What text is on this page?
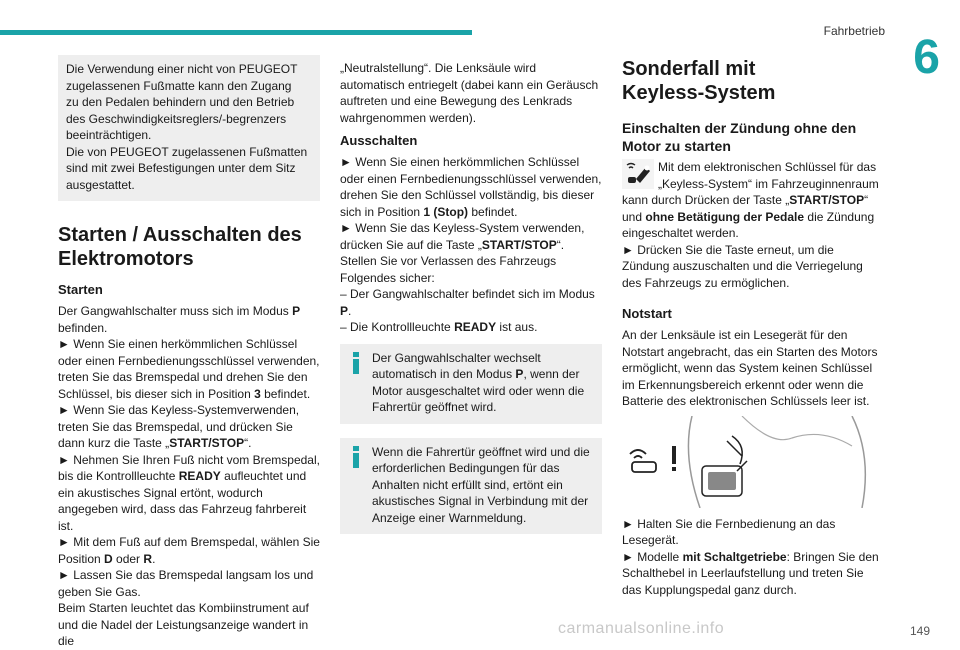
Fahrbetrieb 6

Die Verwendung einer nicht von PEUGEOT

zugelassenen Fußmatte kann den Zugang

zu den Pedalen behindern und den Betrieb

des Geschwindigkeitsreglers/-begrenzers

beeinträchtigen.

Die von PEUGEOT zugelassenen Fußmatten

sind mit zwei Befestigungen unter dem Sitz

ausgestattet.

Starten / Ausschalten des
Elektromotors
Starten

Der Gangwahlschalter muss sich im Modus P befinden.

► Wenn Sie einen herkömmlichen Schlüssel oder einen Fernbedienungsschlüssel verwenden, treten Sie das Bremspedal und drehen Sie den Schlüssel, bis dieser sich in Position 3 befindet.

► Wenn Sie das Keyless-Systemverwenden, treten Sie das Bremspedal, und drücken Sie dann kurz die Taste „START/STOP“.

► Nehmen Sie Ihren Fuß nicht vom Bremspedal, bis die Kontrollleuchte READY aufleuchtet und ein akustisches Signal ertönt, wodurch angegeben wird, dass das Fahrzeug fahrbereit ist.

► Mit dem Fuß auf dem Bremspedal, wählen Sie Position D oder R.

► Lassen Sie das Bremspedal langsam los und geben Sie Gas.

Beim Starten leuchtet das Kombiinstrument auf und die Nadel der Leistungsanzeige wandert in die

„Neutralstellung“. Die Lenksäule wird automatisch entriegelt (dabei kann ein Geräusch auftreten und eine Bewegung des Lenkrads wahrgenommen werden).

Ausschalten

► Wenn Sie einen herkömmlichen Schlüssel oder einen Fernbedienungsschlüssel verwenden, drehen Sie den Schlüssel vollständig, bis dieser sich in Position 1 (Stop) befindet.

► Wenn Sie das Keyless-System verwenden, drücken Sie auf die Taste „START/STOP“.

Stellen Sie vor Verlassen des Fahrzeugs Folgendes sicher:

– Der Gangwahlschalter befindet sich im Modus P.

– Die Kontrollleuchte READY ist aus.

Der Gangwahlschalter wechselt automatisch in den Modus P, wenn der Motor ausgeschaltet wird oder wenn die Fahrertür geöffnet wird.

Wenn die Fahrertür geöffnet wird und die erforderlichen Bedingungen für das Anhalten nicht erfüllt sind, ertönt ein akustisches Signal in Verbindung mit der Anzeige einer Warnmeldung.

Sonderfall mit
Keyless-System
Einschalten der Zündung ohne den
Motor zu starten
Mit dem elektronischen Schlüssel für das „Keyless-System“ im Fahrzeuginnenraum kann durch Drücken der Taste „START/STOP“ und ohne Betätigung der Pedale die Zündung eingeschaltet werden.

► Drücken Sie die Taste erneut, um die Zündung auszuschalten und die Verriegelung des Fahrzeugs zu ermöglichen.

Notstart

An der Lenksäule ist ein Lesegerät für den Notstart angebracht, das ein Starten des Motors ermöglicht, wenn das System keinen Schlüssel im Erkennungsbereich erkennt oder wenn die Batterie des elektronischen Schlüssels leer ist.

► Halten Sie die Fernbedienung an das Lesegerät.

► Modelle mit Schaltgetriebe: Bringen Sie den Schalthebel in Leerlaufstellung und treten Sie das Kupplungspedal ganz durch.

carmanualsonline.info	149
